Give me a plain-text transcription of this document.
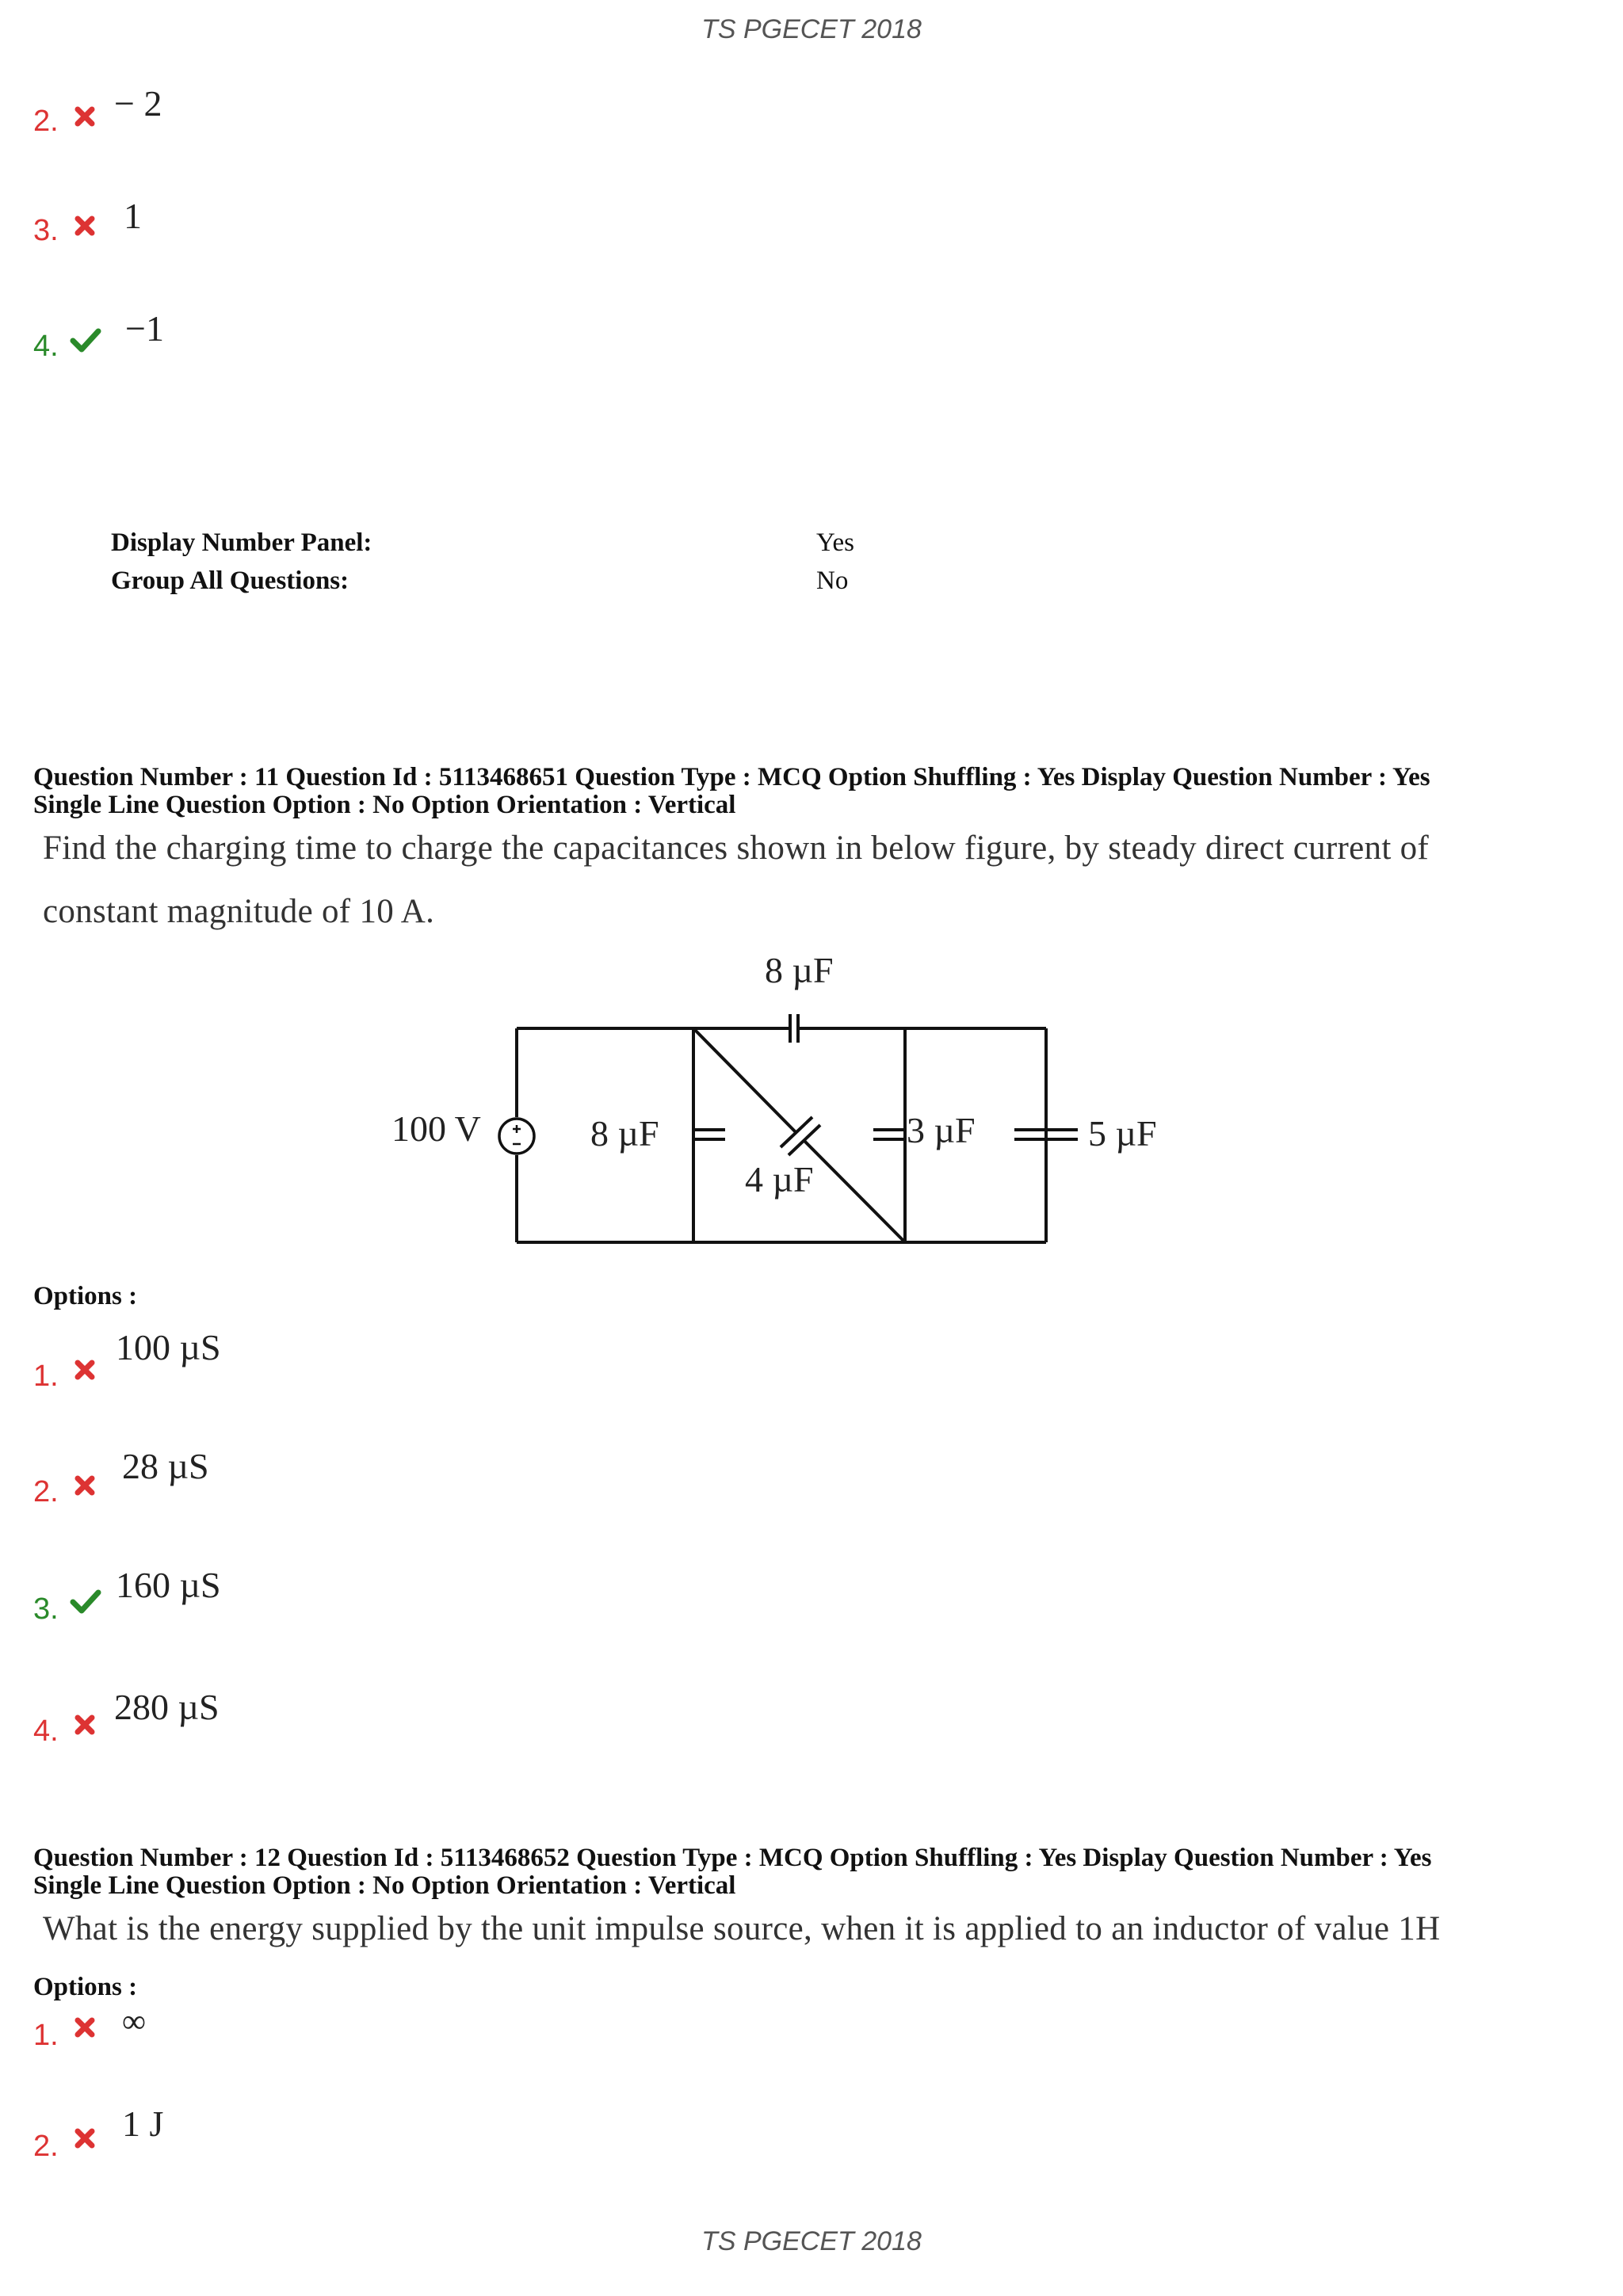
TS PGECET 2018
2. − 2
3. 1
4. −1
Display Number Panel:	Yes
Group All Questions:	No
Question Number : 11 Question Id : 5113468651 Question Type : MCQ Option Shuffling : Yes Display Question Number : Yes
Single Line Question Option : No Option Orientation : Vertical
Find the charging time to charge the capacitances shown in below figure, by steady direct current of
constant magnitude of 10 A.
8 µF
100 V	8 µF
4 µF
3 µF	5 µF
Options :
1.
100 µS
2.
28 µS
3.
160 µS
4.
280 µS
Question Number : 12 Question Id : 5113468652 Question Type : MCQ Option Shuffling : Yes Display Question Number : Yes
Single Line Question Option : No Option Orientation : Vertical
What is the energy supplied by the unit impulse source, when it is applied to an inductor of value 1H
Options :
1. ∞
2.
1 J
TS PGECET 2018
